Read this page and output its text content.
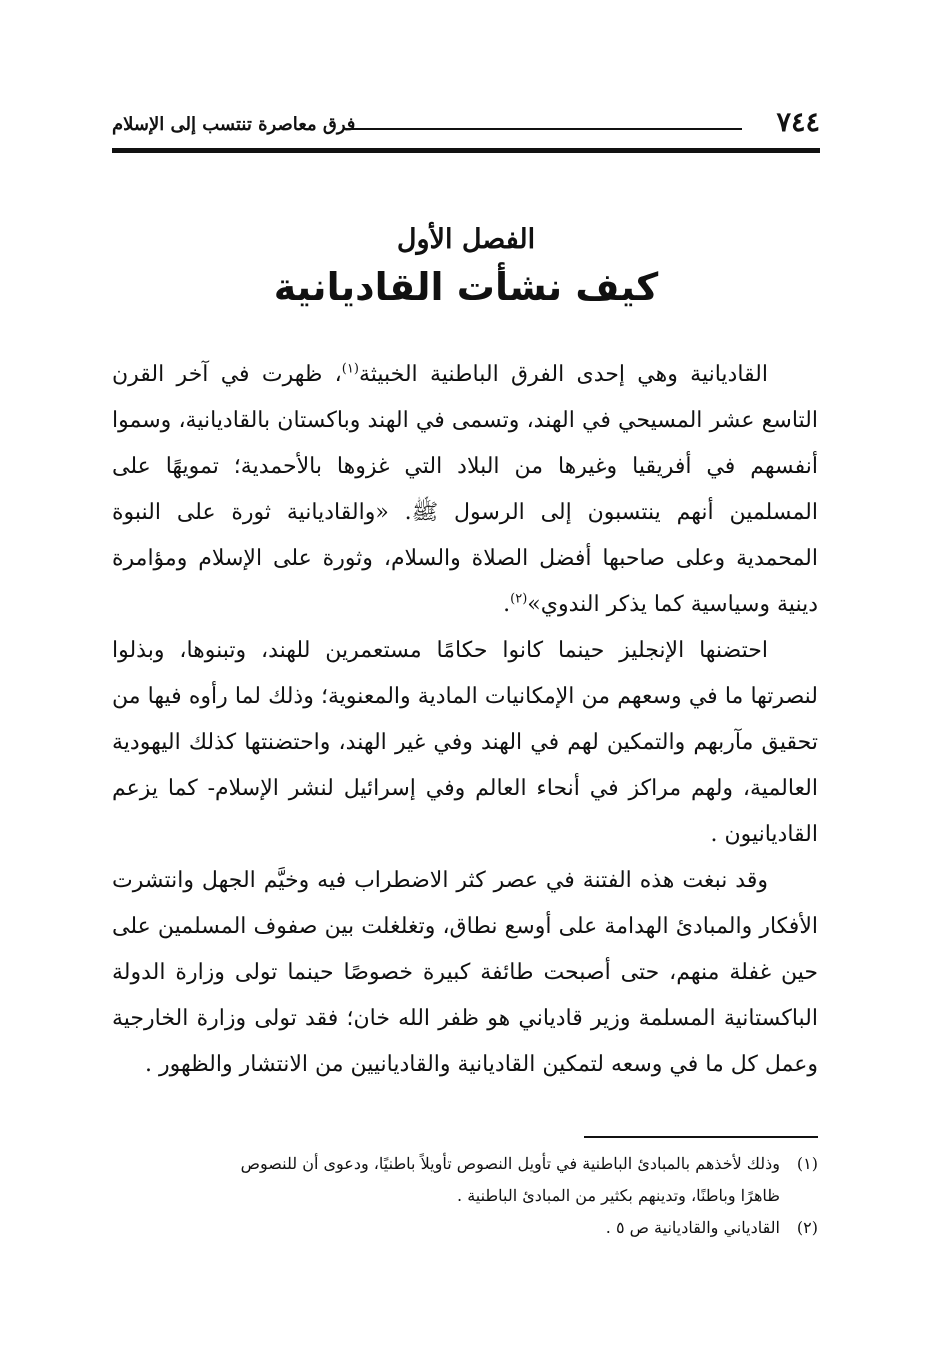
٧٤٤
فرق معاصرة تنتسب إلى الإسلام
الفصل الأول
كيف نشأت القاديانية

القاديانية وهي إحدى الفرق الباطنية الخبيثة$^{(١)}$، ظهرت في آخر القرن التاسع عشر المسيحي في الهند، وتسمى في الهند وباكستان بالقاديانية، وسموا أنفسهم في أفريقيا وغيرها من البلاد التي غزوها بالأحمدية؛ تمويهًا على المسلمين أنهم ينتسبون إلى الرسول ﷺ. «والقاديانية ثورة على النبوة المحمدية وعلى صاحبها أفضل الصلاة والسلام، وثورة على الإسلام ومؤامرة دينية وسياسية كما يذكر الندوي»$^{(٢)}$.

احتضنها الإنجليز حينما كانوا حكامًا مستعمرين للهند، وتبنوها، وبذلوا لنصرتها ما في وسعهم من الإمكانيات المادية والمعنوية؛ وذلك لما رأوه فيها من تحقيق مآربهم والتمكين لهم في الهند وفي غير الهند، واحتضنتها كذلك اليهودية العالمية، ولهم مراكز في أنحاء العالم وفي إسرائيل لنشر الإسلام- كما يزعم القاديانيون .

وقد نبغت هذه الفتنة في عصر كثر الاضطراب فيه وخيَّم الجهل وانتشرت الأفكار والمبادئ الهدامة على أوسع نطاق، وتغلغلت بين صفوف المسلمين على حين غفلة منهم، حتى أصبحت طائفة كبيرة خصوصًا حينما تولى وزارة الدولة الباكستانية المسلمة وزير قادياني هو ظفر الله خان؛ فقد تولى وزارة الخارجية وعمل كل ما في وسعه لتمكين القاديانية والقاديانيين من الانتشار والظهور .

(١)وذلك لأخذهم بالمبادئ الباطنية في تأويل النصوص تأويلاً باطنيًا، ودعوى أن للنصوص
ظاهرًا وباطنًا، وتدينهم بكثير من المبادئ الباطنية .
(٢)القادياني والقاديانية ص ٥ .
